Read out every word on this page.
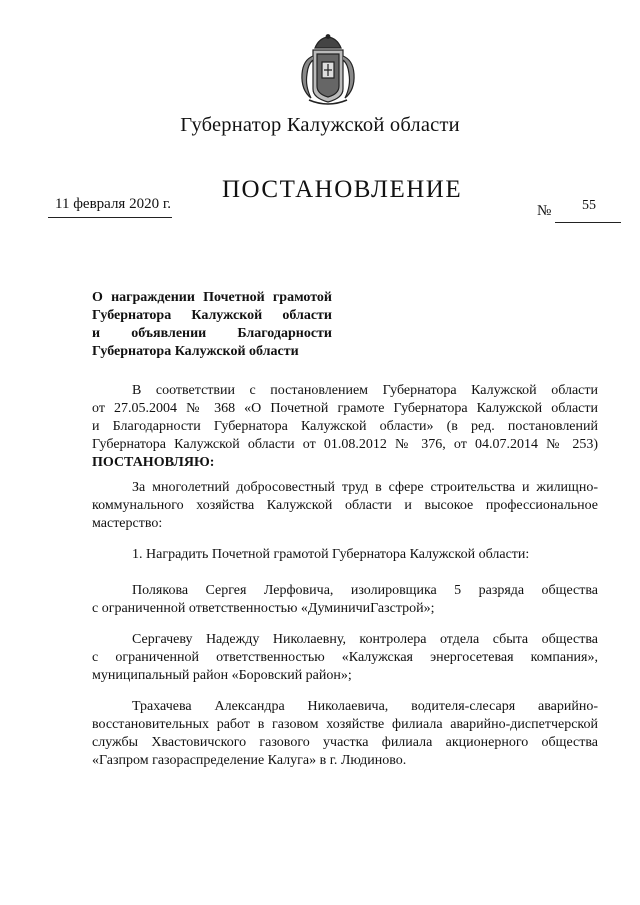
Губернатор Калужской области
ПОСТАНОВЛЕНИЕ
11 февраля 2020 г.	№ 55
О награждении Почетной грамотой
Губернатора Калужской области
и объявлении Благодарности
Губернатора Калужской области
В соответствии с постановлением Губернатора Калужской области
от 27.05.2004 № 368 «О Почетной грамоте Губернатора Калужской области
и Благодарности Губернатора Калужской области» (в ред. постановлений
Губернатора Калужской области от 01.08.2012 № 376, от 04.07.2014 № 253)
ПОСТАНОВЛЯЮ:
За многолетний добросовестный труд в сфере строительства и жилищно-
коммунального хозяйства Калужской области и высокое профессиональное
мастерство:
1. Наградить Почетной грамотой Губернатора Калужской области:
Полякова Сергея Лерфовича, изолировщика 5 разряда общества
с ограниченной ответственностью «ДуминичиГазстрой»;
Сергачеву Надежду Николаевну, контролера отдела сбыта общества
с ограниченной ответственностью «Калужская энергосетевая компания»,
муниципальный район «Боровский район»;
Трахачева Александра Николаевича, водителя-слесаря аварийно-
восстановительных работ в газовом хозяйстве филиала аварийно-диспетчерской
службы Хвастовичского газового участка филиала акционерного общества
«Газпром газораспределение Калуга» в г. Людиново.
